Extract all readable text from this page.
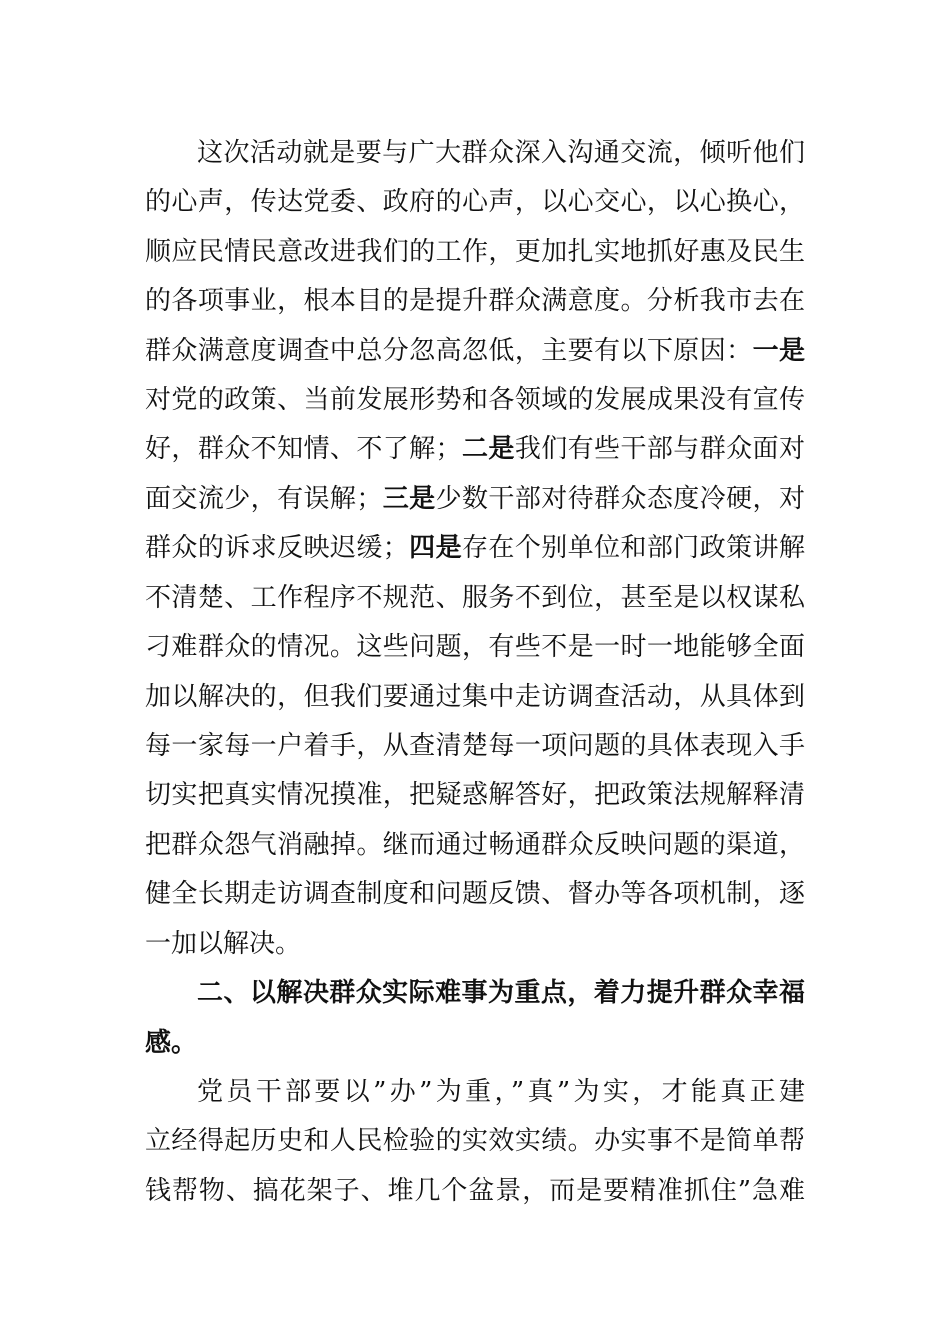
这次活动就是要与广大群众深入沟通交流，倾听他们
的心声，传达党委、政府的心声，以心交心，以心换心，
顺应民情民意改进我们的工作，更加扎实地抓好惠及民生
的各项事业，根本目的是提升群众满意度。分析我市去在
群众满意度调查中总分忽高忽低，主要有以下原因：一是
对党的政策、当前发展形势和各领域的发展成果没有宣传
好，群众不知情、不了解；二是我们有些干部与群众面对
面交流少，有误解；三是少数干部对待群众态度冷硬，对
群众的诉求反映迟缓；四是存在个别单位和部门政策讲解
不清楚、工作程序不规范、服务不到位，甚至是以权谋私
刁难群众的情况。这些问题，有些不是一时一地能够全面
加以解决的，但我们要通过集中走访调查活动，从具体到
每一家每一户着手，从查清楚每一项问题的具体表现入手
切实把真实情况摸准，把疑惑解答好，把政策法规解释清
把群众怨气消融掉。继而通过畅通群众反映问题的渠道，
健全长期走访调查制度和问题反馈、督办等各项机制，逐
一加以解决。
二、以解决群众实际难事为重点，着力提升群众幸福
感。
党员干部要以”办”为重，”真”为实，才能真正建
立经得起历史和人民检验的实效实绩。办实事不是简单帮
钱帮物、搞花架子、堆几个盆景，而是要精准抓住”急难
